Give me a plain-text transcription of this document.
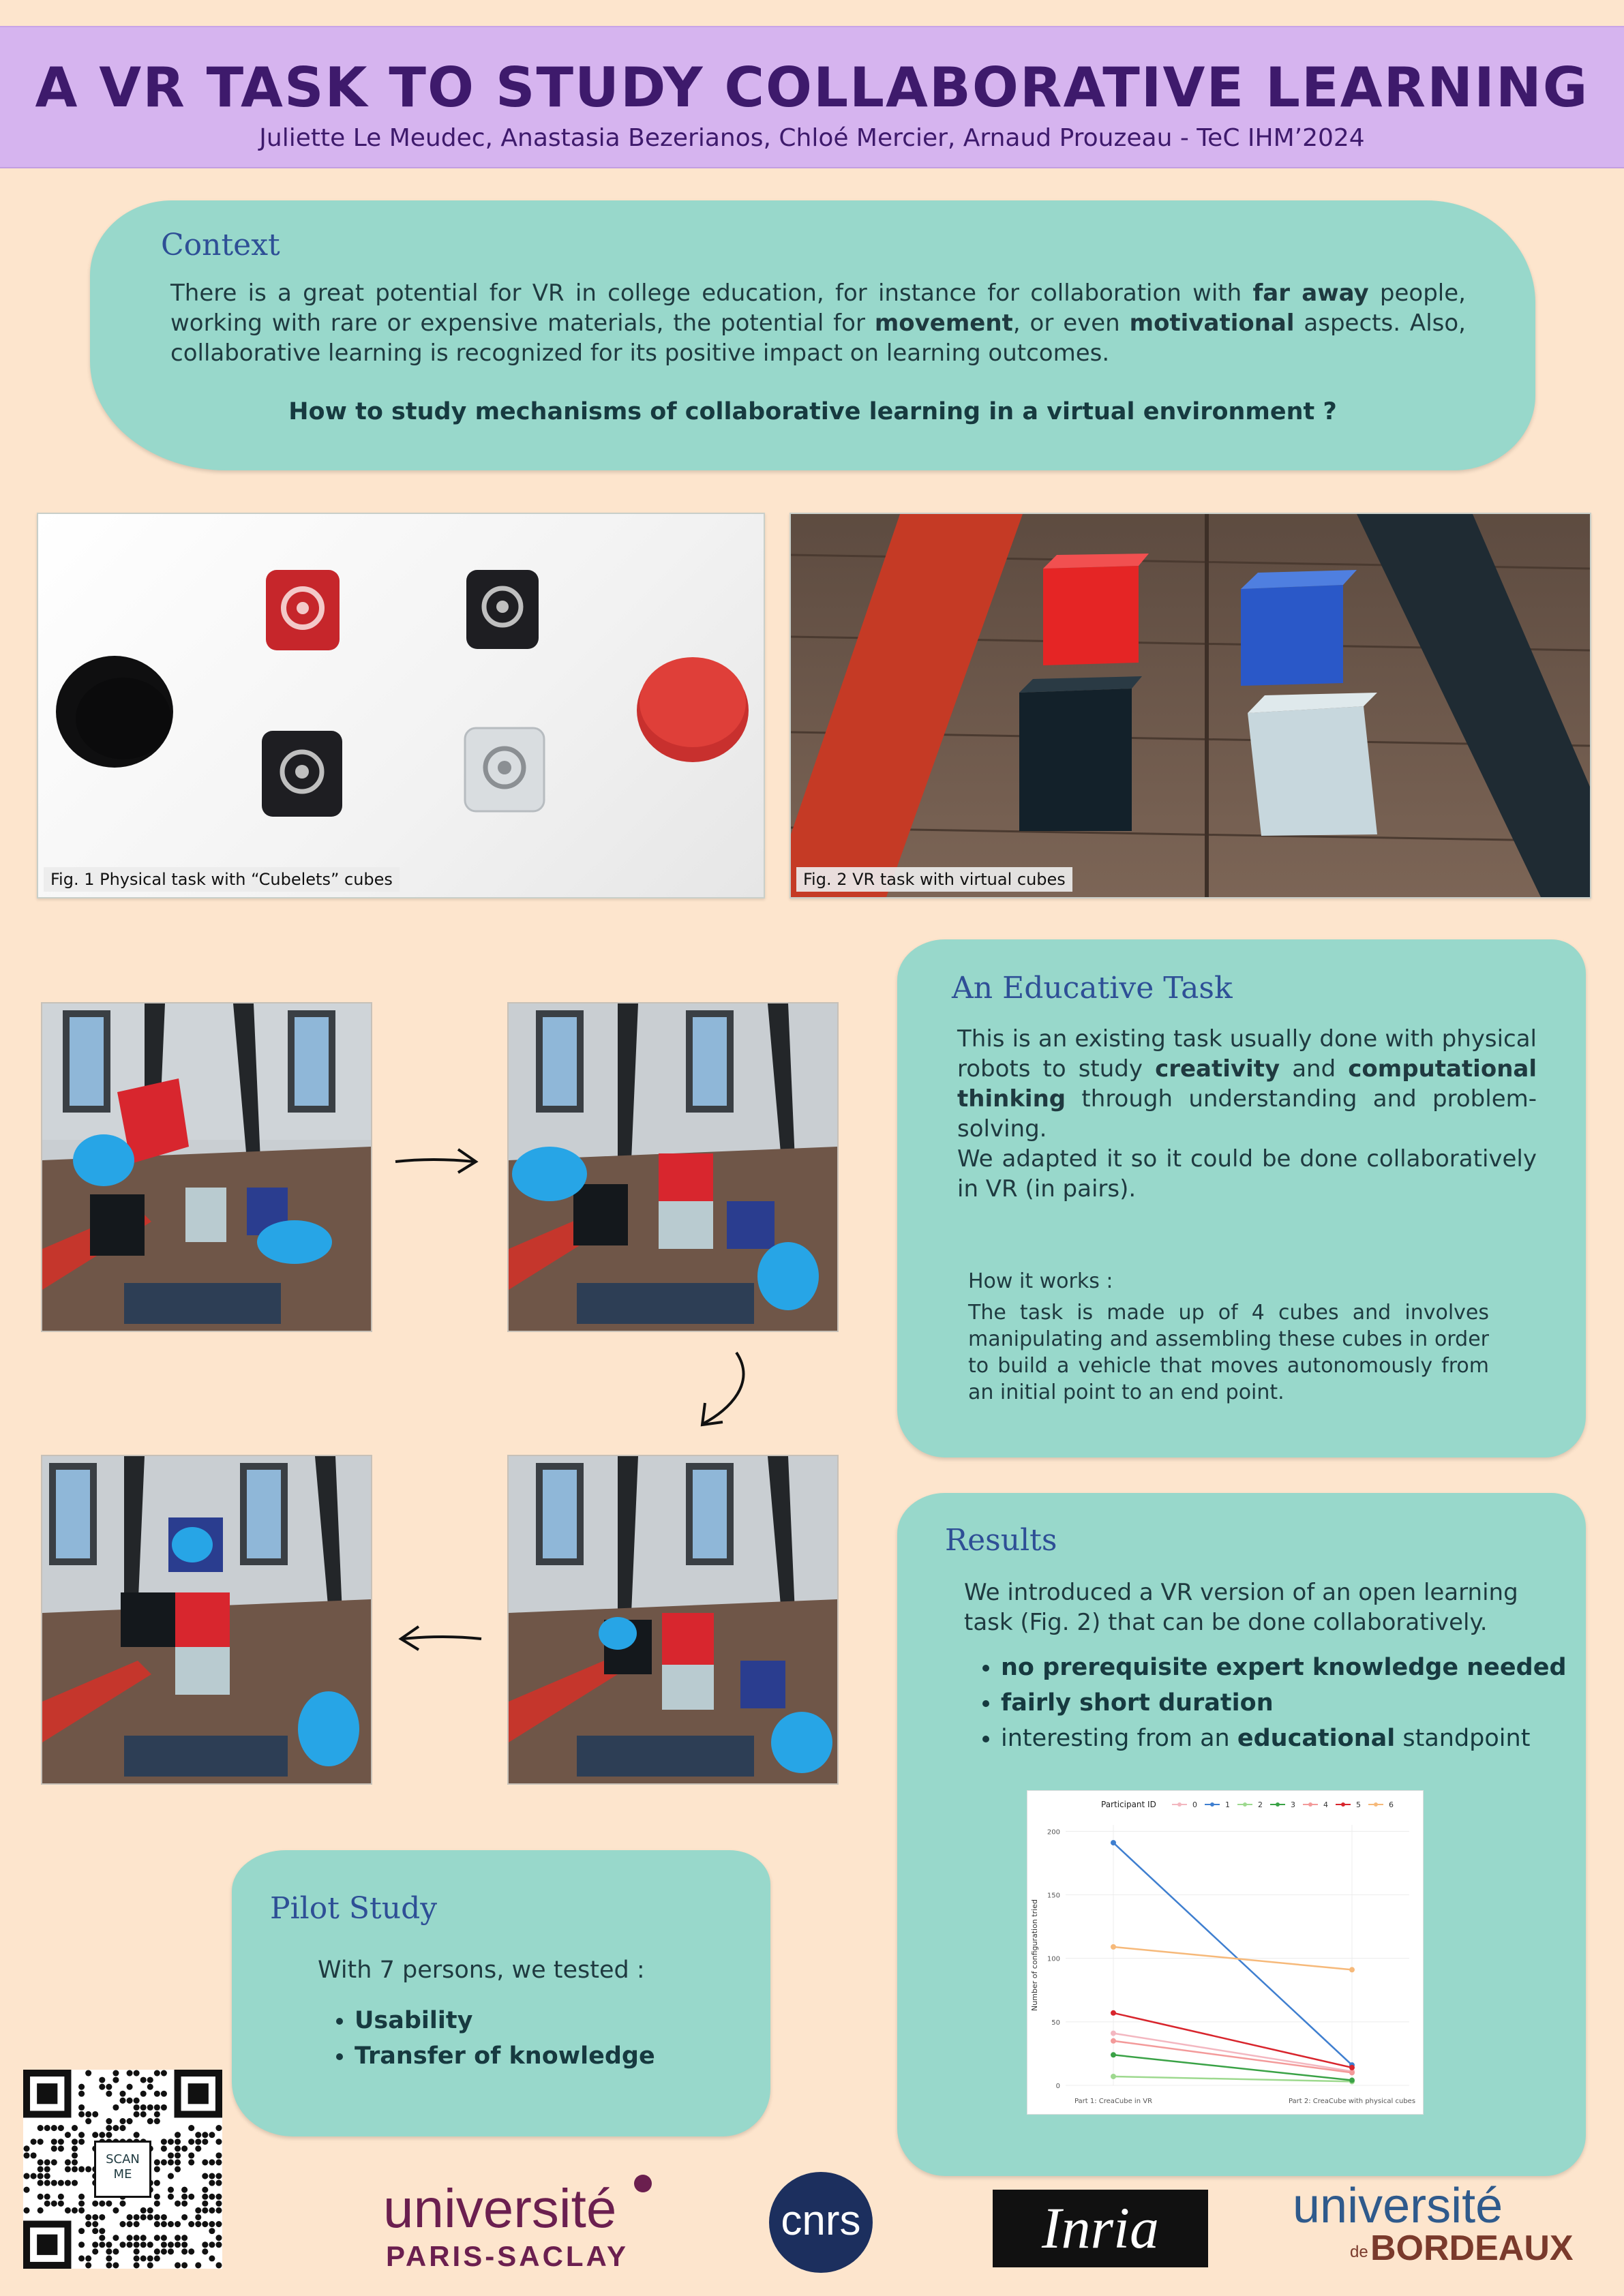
A VR TASK TO STUDY COLLABORATIVE LEARNING
Juliette Le Meudec, Anastasia Bezerianos, Chloé Mercier, Arnaud Prouzeau - TeC IHM’2024
Context
There is a great potential for VR in college education, for instance for collaboration with far away people, working with rare or expensive materials, the potential for movement, or even motivational aspects. Also, collaborative learning is recognized for its positive impact on learning outcomes.
How to study mechanisms of collaborative learning in a virtual environment ?
Fig. 1 Physical task with “Cubelets” cubes	Fig. 2 VR task with virtual cubes
An Educative Task
This is an existing task usually done with physical robots to study creativity and computational thinking through understanding and problem-solving.
We adapted it so it could be done collaboratively in VR (in pairs).
How it works :
The task is made up of 4 cubes and involves manipulating and assembling these cubes in order to build a vehicle that moves autonomously from an initial point to an end point.
Results
We introduced a VR version of an open learning task (Fig. 2) that can be done collaboratively.
• no prerequisite expert knowledge needed
• fairly short duration
• interesting from an educational standpoint
0
50
100
150
200
Number of configuration tried
Part 1: CreaCube in VR	Part 2: CreaCube with physical cubes
Participant ID	0	1	2	3	4	5	6
Pilot Study
With 7 persons, we tested :
• Usability
• Transfer of knowledge
SCAN ME
université
PARIS-SACLAY
cnrs	Inria	université
de BORDEAUX
